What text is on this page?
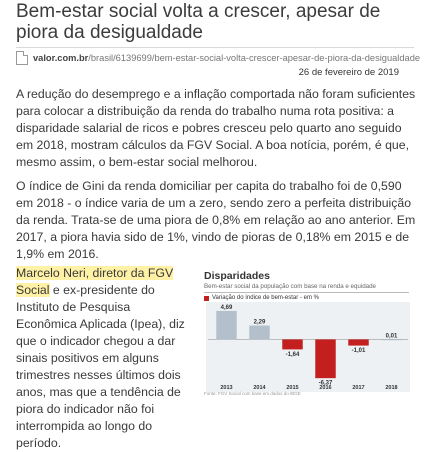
Bem-estar social volta a crescer, apesar de piora da desigualdade
valor.com.br/brasil/6139699/bem-estar-social-volta-crescer-apesar-de-piora-da-desigualdade
26 de fevereiro de 2019

A redução do desemprego e a inflação comportada não foram suficientes para colocar a distribuição da renda do trabalho numa rota positiva: a disparidade salarial de ricos e pobres cresceu pelo quarto ano seguido em 2018, mostram cálculos da FGV Social. A boa notícia, porém, é que, mesmo assim, o bem-estar social melhorou.

O índice de Gini da renda domiciliar per capita do trabalho foi de 0,590 em 2018 - o índice varia de um a zero, sendo zero a perfeita distribuição da renda. Trata-se de uma piora de 0,8% em relação ao ano anterior. Em 2017, a piora havia sido de 1%, vindo de pioras de 0,18% em 2015 e de 1,9% em 2016.

Marcelo Neri, diretor da FGV Social e ex-presidente do Instituto de Pesquisa Econômica Aplicada (Ipea), diz que o indicador chegou a dar sinais positivos em alguns trimestres nesses últimos dois anos, mas que a tendência de piora do indicador não foi interrompida ao longo do período.

Disparidades
Bem-estar social da população com base na renda e equidade
Variação do índice de bem-estar - em %
4,69
2013
2,29
2014
-1,64
2015
-6,37
2016
-1,01
2017
0,01
2018
Fonte: FGV Social com base em dados do IBGE
